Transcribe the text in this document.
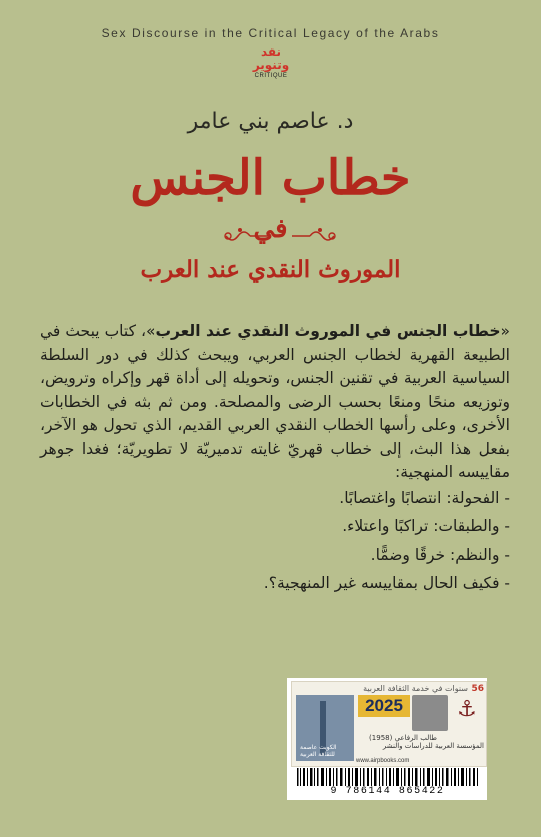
Sex Discourse in the Critical Legacy of the Arabs
نقد وتنوير
CRITIQUE
د. عاصم بني عامر
خطاب الجنس
في
الموروث النقدي عند العرب

«خطاب الجنس في الموروث النقدي عند العرب»، كتاب يبحث في الطبيعة القهرية لخطاب الجنس العربي، ويبحث كذلك في دور السلطة السياسية العربية في تقنين الجنس، وتحويله إلى أداة قهر وإكراه وترويض، وتوزيعه منحًا ومنعًا بحسب الرضى والمصلحة. ومن ثم بثه في الخطابات الأخرى، وعلى رأسها الخطاب النقدي العربي القديم، الذي تحول هو الآخر، بفعل هذا البث، إلى خطاب قهريّ غايته تدميريّة لا تطويريّة؛ فغدا جوهر مقاييسه المنهجية:

- الفحولة: انتصابًا واغتصابًا.
- والطبقات: تراكبًا واعتلاء.
- والنظم: خرقًا وضمًّا.
- فكيف الحال بمقاييسه غير المنهجية؟.
56
سنوات في خدمة الثقافة العربية
الكويت عاصمة للثقافة العربية
2025	⚓
طالب الرفاعي (1958)
المؤسسة العربية للدراسات والنشر
www.airpbooks.com
9 786144 865422
